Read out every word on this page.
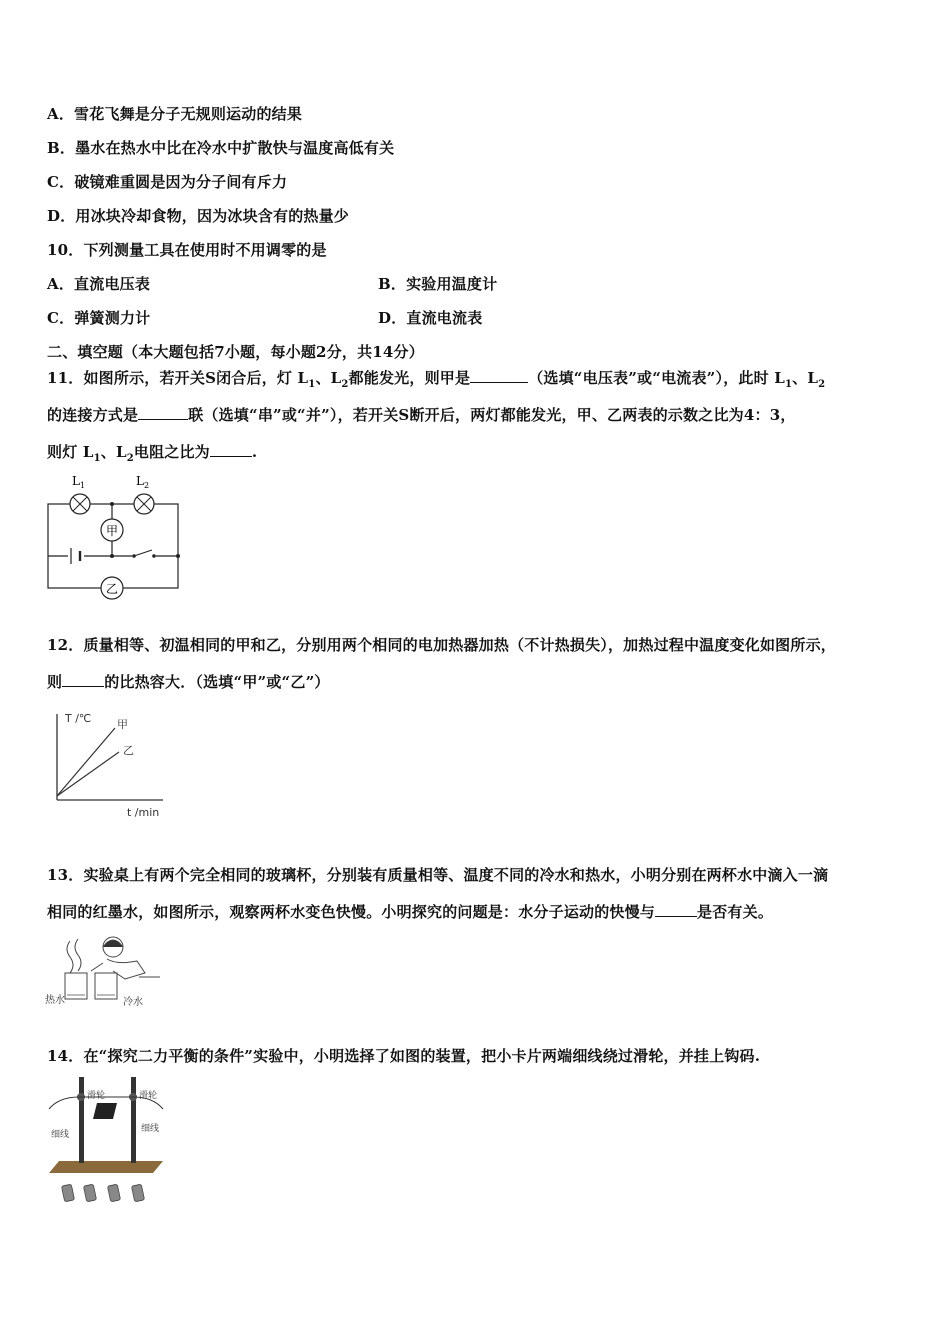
A．雪花飞舞是分子无规则运动的结果
B．墨水在热水中比在冷水中扩散快与温度高低有关
C．破镜难重圆是因为分子间有斥力
D．用冰块冷却食物，因为冰块含有的热量少
10．下列测量工具在使用时不用调零的是
A．直流电压表	B．实验用温度计
C．弹簧测力计	D．直流电流表
二、填空题（本大题包括7小题，每小题2分，共14分）
11．如图所示，若开关S闭合后，灯 $L_1$、$L_2$都能发光，则甲是	（选填“电压表”或“电流表”），此时 $L_1$、$L_2$
的连接方式是	联（选填“串”或“并”），若开关S断开后，两灯都能发光，甲、乙两表的示数之比为4：3，
则灯 $L_1$、$L_2$电阻之比为	.
甲
乙
$L_1$	$L_2$
12．质量相等、初温相同的甲和乙，分别用两个相同的电加热器加热（不计热损失），加热过程中温度变化如图所示，
则	的比热容大．（选填“甲”或“乙”）
T /℃ 甲
乙
t /min
13．实验桌上有两个完全相同的玻璃杯，分别装有质量相等、温度不同的冷水和热水，小明分别在两杯水中滴入一滴
相同的红墨水，如图所示，观察两杯水变色快慢。小明探究的问题是：水分子运动的快慢与	是否有关。
热水	冷水
14．在“探究二力平衡的条件”实验中，小明选择了如图的装置，把小卡片两端细线绕过滑轮，并挂上钩码.
滑轮	滑轮
细线
细线
